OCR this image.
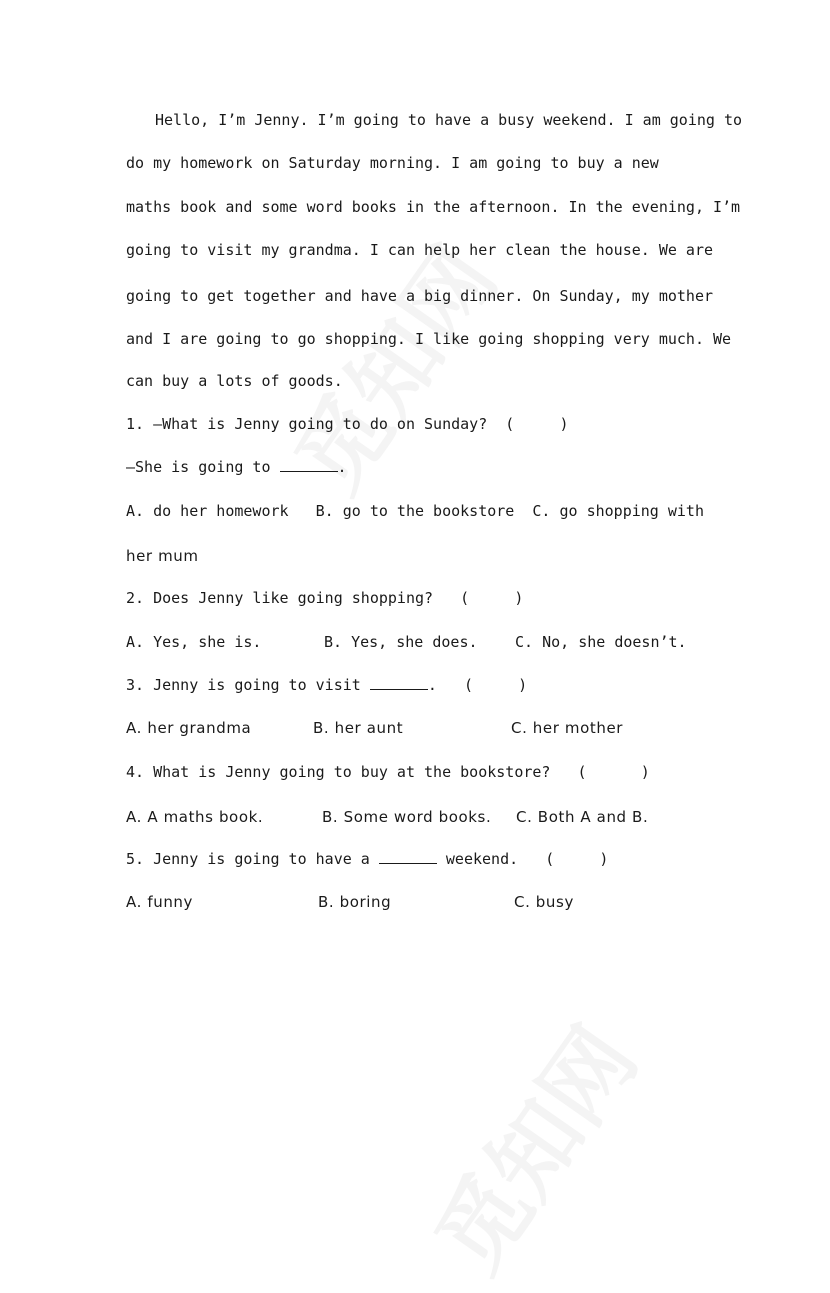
Hello, I’m Jenny. I’m going to have a busy weekend. I am going to
do my homework on Saturday morning. I am going to buy a new
maths book and some word books in the afternoon. In the evening, I’m
going to visit my grandma. I can help her clean the house. We are
going to get together and have a big dinner. On Sunday, my mother
and I are going to go shopping. I like going shopping very much. We
can buy a lots of goods.
1. —What is Jenny going to do on Sunday?  (     )
—She is going to	.
A. do her homework   B. go to the bookstore  C. go shopping with
her mum
2. Does Jenny like going shopping?   (     )
A. Yes, she is.	B. Yes, she does. C. No, she doesn’t.
3. Jenny is going to visit	.   (     )
A. her grandma	B. her aunt	C. her mother
4. What is Jenny going to buy at the bookstore?   (      )
A. A maths book.	B. Some word books. C. Both A and B.
5. Jenny is going to have a	weekend.   (     )
A. funny	B. boring	C. busy
